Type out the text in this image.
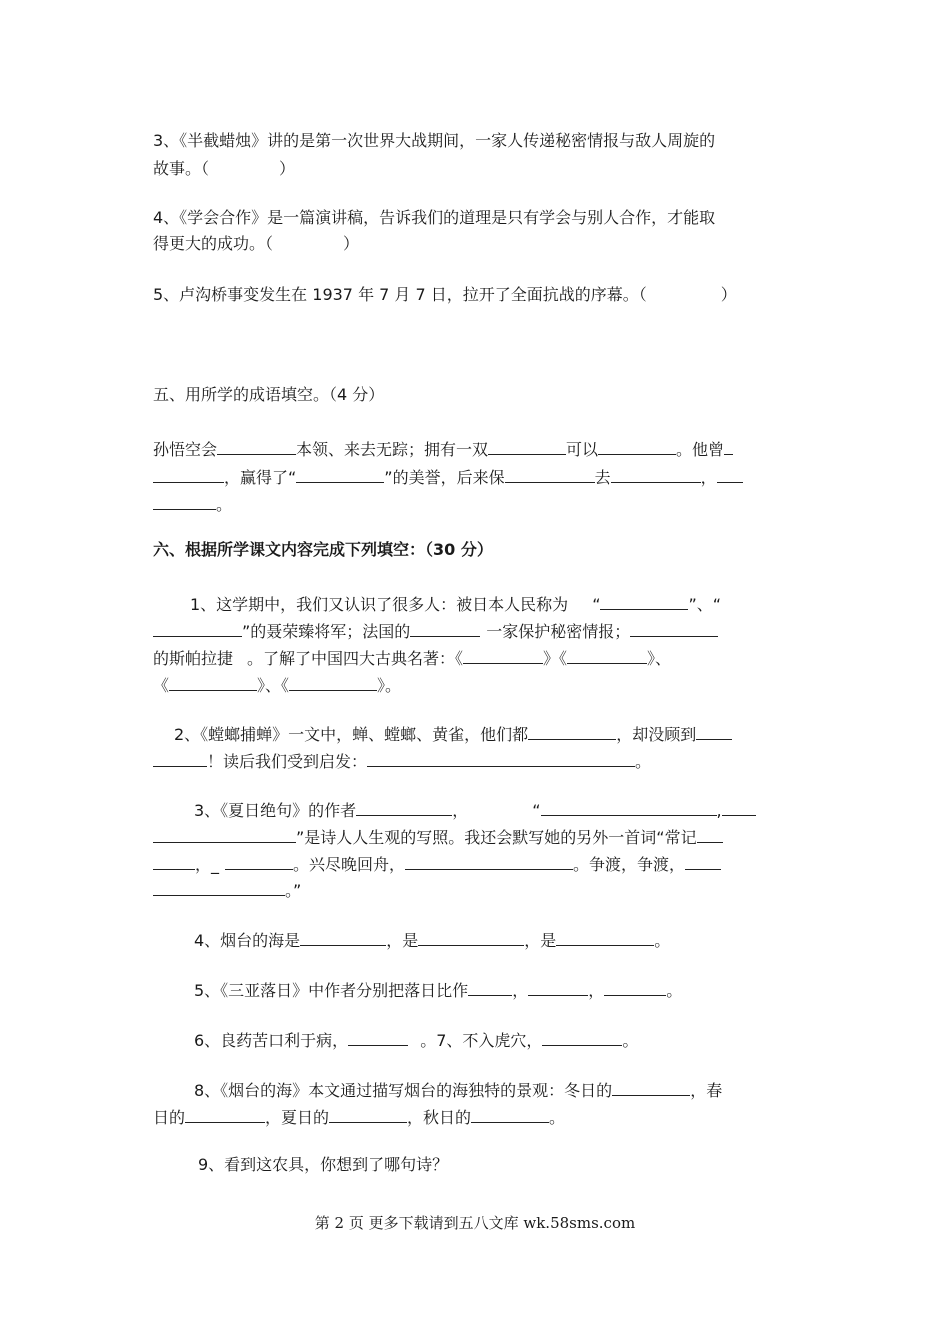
3、《半截蜡烛》讲的是第一次世界大战期间，一家人传递秘密情报与敌人周旋的
故事。（	）
4、《学会合作》是一篇演讲稿，告诉我们的道理是只有学会与别人合作，才能取
得更大的成功。（	）
5、卢沟桥事变发生在 1937 年 7 月 7 日，拉开了全面抗战的序幕。（	）
五、用所学的成语填空。（4 分）
孙悟空会	本领、来去无踪；拥有一双	可以	。他曾
，赢得了“	”的美誉，后来保	去	，
。
六、根据所学课文内容完成下列填空：（30 分）
1、这学期中，我们又认识了很多人：被日本人民称为 “	”、“
”的聂荣臻将军；法国的	一家保护秘密情报；
的斯帕拉捷 。了解了中国四大古典名著：《	》《	》、
《	》、《	》。
2、《螳螂捕蝉》一文中，蝉、螳螂、黄雀，他们都	，却没顾到
！读后我们受到启发：	。
3、《夏日绝句》的作者	，	“	,
”是诗人人生观的写照。我还会默写她的另外一首词“常记
，_	。兴尽晚回舟，	。争渡，争渡，
。”
4、烟台的海是	，是	，是	。
5、《三亚落日》中作者分别把落日比作	，	，	。
6、良药苦口利于病，	。7、不入虎穴，	。
8、《烟台的海》本文通过描写烟台的海独特的景观：冬日的	，春
日的	，夏日的	，秋日的	。
9、看到这农具，你想到了哪句诗？
第 2 页 更多下载请到五八文库 wk.58sms.com
